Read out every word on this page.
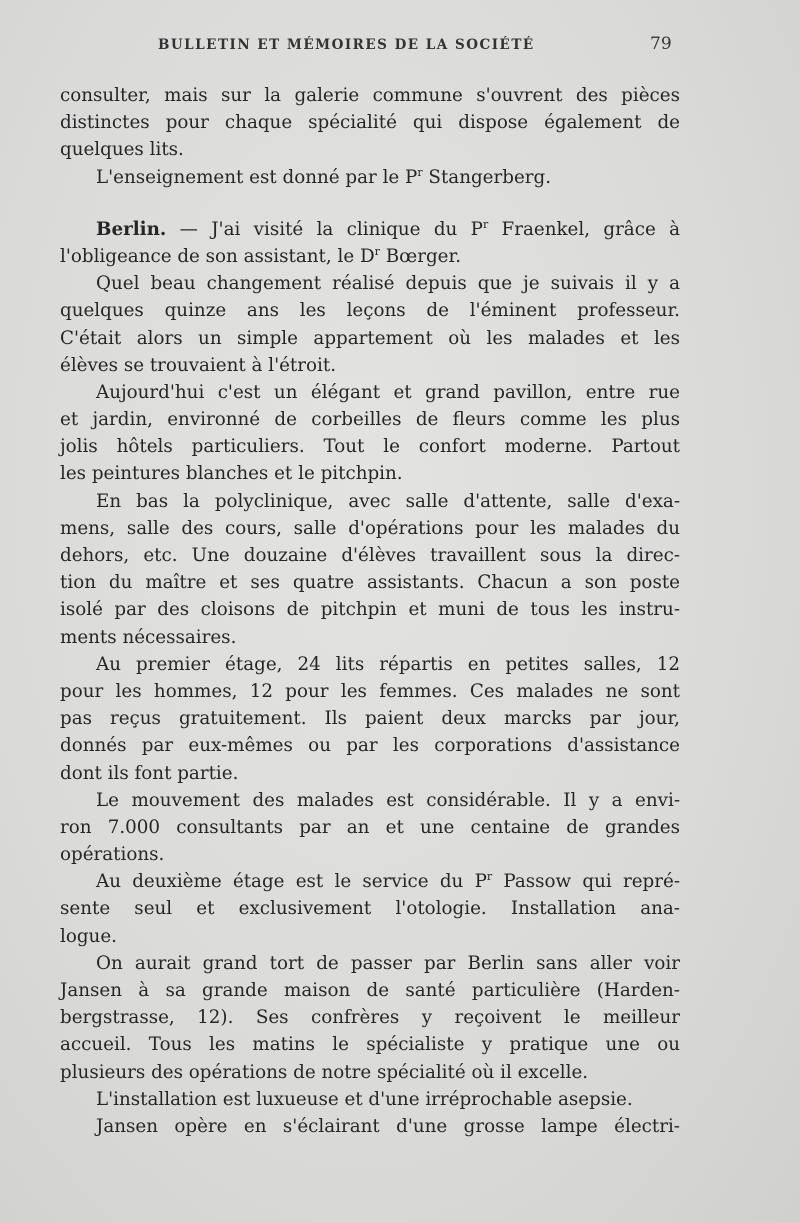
BULLETIN ET MÉMOIRES DE LA SOCIÉTÉ	79
consulter, mais sur la galerie commune s'ouvrent des pièces
distinctes pour chaque spécialité qui dispose également de
quelques lits.
L'enseignement est donné par le $P^r$ Stangerberg.
Berlin. — J'ai visité la clinique du $P^r$ Fraenkel, grâce à
l'obligeance de son assistant, le $D^r$ Bœrger.
Quel beau changement réalisé depuis que je suivais il y a
quelques quinze ans les leçons de l'éminent professeur.
C'était alors un simple appartement où les malades et les
élèves se trouvaient à l'étroit.
Aujourd'hui c'est un élégant et grand pavillon, entre rue
et jardin, environné de corbeilles de fleurs comme les plus
jolis hôtels particuliers. Tout le confort moderne. Partout
les peintures blanches et le pitchpin.
En bas la polyclinique, avec salle d'attente, salle d'exa-
mens, salle des cours, salle d'opérations pour les malades du
dehors, etc. Une douzaine d'élèves travaillent sous la direc-
tion du maître et ses quatre assistants. Chacun a son poste
isolé par des cloisons de pitchpin et muni de tous les instru-
ments nécessaires.
Au premier étage, 24 lits répartis en petites salles, 12
pour les hommes, 12 pour les femmes. Ces malades ne sont
pas reçus gratuitement. Ils paient deux marcks par jour,
donnés par eux-mêmes ou par les corporations d'assistance
dont ils font partie.
Le mouvement des malades est considérable. Il y a envi-
ron 7.000 consultants par an et une centaine de grandes
opérations.
Au deuxième étage est le service du $P^r$ Passow qui repré-
sente seul et exclusivement l'otologie. Installation ana-
logue.
On aurait grand tort de passer par Berlin sans aller voir
Jansen à sa grande maison de santé particulière (Harden-
bergstrasse, 12). Ses confrères y reçoivent le meilleur
accueil. Tous les matins le spécialiste y pratique une ou
plusieurs des opérations de notre spécialité où il excelle.
L'installation est luxueuse et d'une irréprochable asepsie.
Jansen opère en s'éclairant d'une grosse lampe électri-
